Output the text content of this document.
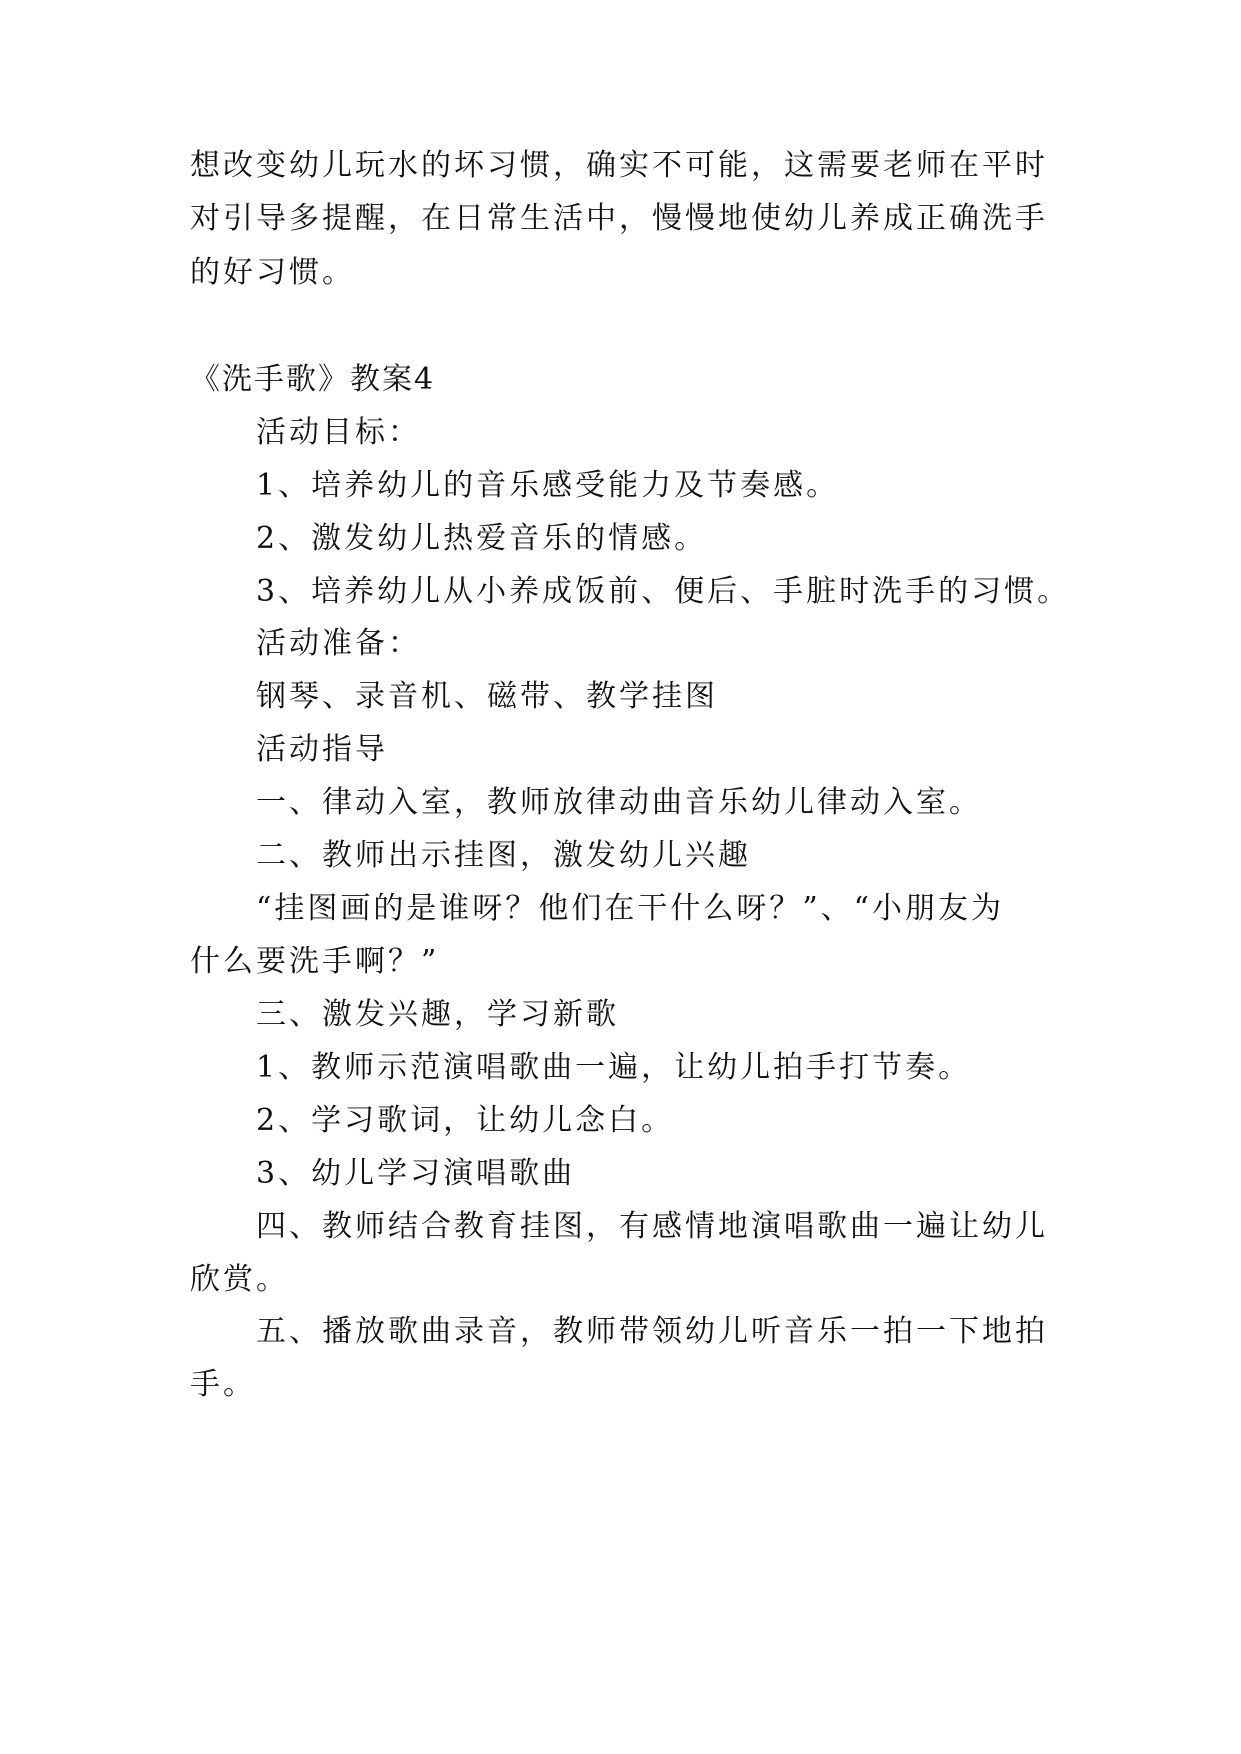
想改变幼儿玩水的坏习惯，确实不可能，这需要老师在平时
对引导多提醒，在日常生活中，慢慢地使幼儿养成正确洗手
的好习惯。
《洗手歌》教案4
活动目标：
1、培养幼儿的音乐感受能力及节奏感。
2、激发幼儿热爱音乐的情感。
3、培养幼儿从小养成饭前、便后、手脏时洗手的习惯。
活动准备：
钢琴、录音机、磁带、教学挂图
活动指导
一、律动入室，教师放律动曲音乐幼儿律动入室。
二、教师出示挂图，激发幼儿兴趣
“挂图画的是谁呀？他们在干什么呀？”、“小朋友为
什么要洗手啊？”
三、激发兴趣，学习新歌
1、教师示范演唱歌曲一遍，让幼儿拍手打节奏。
2、学习歌词，让幼儿念白。
3、幼儿学习演唱歌曲
四、教师结合教育挂图，有感情地演唱歌曲一遍让幼儿
欣赏。
五、播放歌曲录音，教师带领幼儿听音乐一拍一下地拍
手。
